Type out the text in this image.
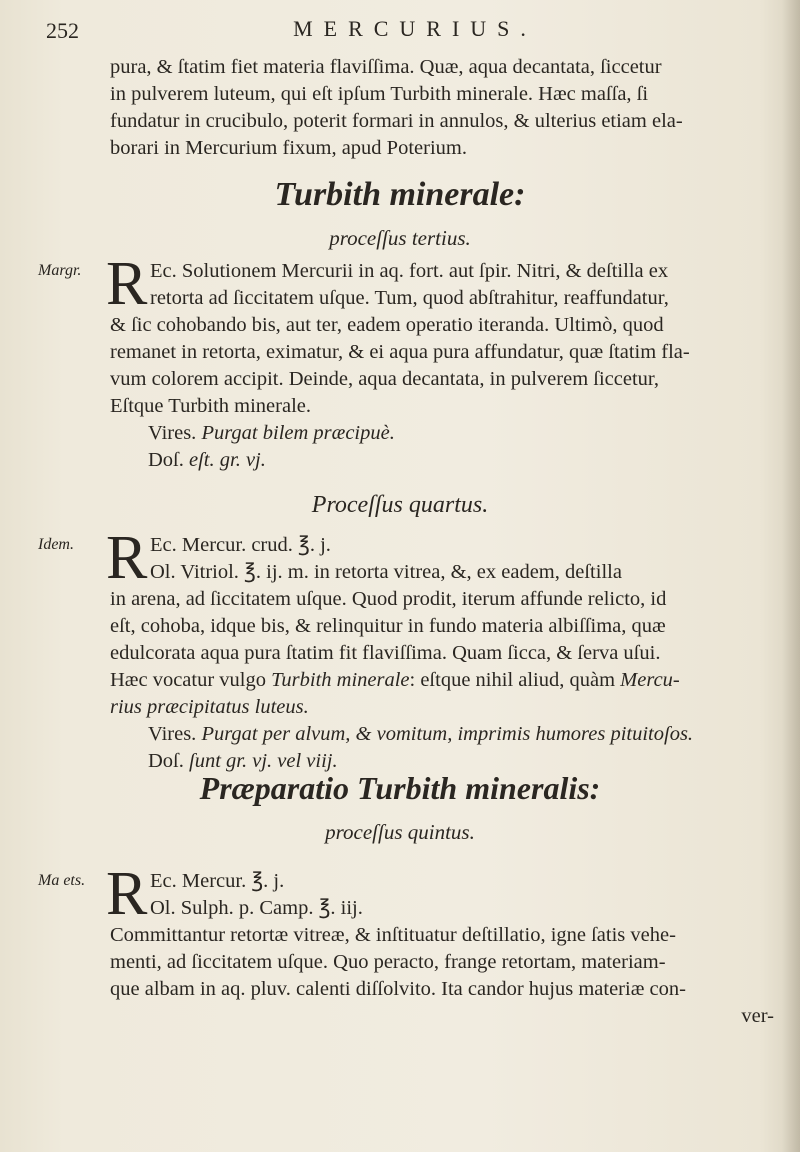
252	MERCURIUS.
pura, & ſtatim fiet materia flaviſſima. Quæ, aqua decantata, ſiccetur
in pulverem luteum, qui eſt ipſum Turbith minerale. Hæc maſſa, ſi
fundatur in crucibulo, poterit formari in annulos, & ulterius etiam ela-
borari in Mercurium fixum, apud Poterium.
Turbith minerale:
proceſſus tertius.
Margr. R Ec. Solutionem Mercurii in aq. fort. aut ſpir. Nitri, & deſtilla ex
retorta ad ſiccitatem uſque. Tum, quod abſtrahitur, reaffundatur,
& ſic cohobando bis, aut ter, eadem operatio iteranda. Ultimò, quod
remanet in retorta, eximatur, & ei aqua pura affundatur, quæ ſtatim fla-
vum colorem accipit. Deinde, aqua decantata, in pulverem ſiccetur,
Eſtque Turbith minerale.
Vires. Purgat bilem præcipuè.
Doſ. eſt. gr. vj.
Proceſſus quartus.
Idem. R Ec. Mercur. crud. ℥. j.
Ol. Vitriol. ℥. ij. m. in retorta vitrea, &, ex eadem, deſtilla
in arena, ad ſiccitatem uſque. Quod prodit, iterum affunde relicto, id
eſt, cohoba, idque bis, & relinquitur in fundo materia albiſſima, quæ
edulcorata aqua pura ſtatim fit flaviſſima. Quam ſicca, & ſerva uſui.
Hæc vocatur vulgo Turbith minerale: eſtque nihil aliud, quàm Mercu-
rius præcipitatus luteus.
Vires. Purgat per alvum, & vomitum, imprimis humores pituitoſos.
Doſ. ſunt gr. vj. vel viij.
Præparatio Turbith mineralis:
proceſſus quintus.
Ma ets. R Ec. Mercur. ℥. j.
Ol. Sulph. p. Camp. ℥. iij.
Committantur retortæ vitreæ, & inſtituatur deſtillatio, igne ſatis vehe-
menti, ad ſiccitatem uſque. Quo peracto, frange retortam, materiam-
que albam in aq. pluv. calenti diſſolvito. Ita candor hujus materiæ con-
ver-
